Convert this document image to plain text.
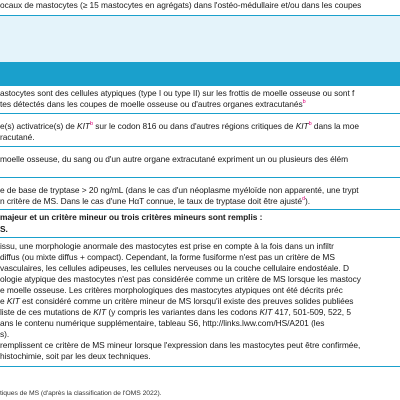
ocaux de mastocytes (≥ 15 mastocytes en agrégats) dans l'ostéo-médullaire et/ou dans les coupes
astocytes sont des cellules atypiques (type I ou type II) sur les frottis de moelle osseuse ou sont f
tes détectés dans les coupes de moelle osseuse ou d'autres organes extracutanés$^b$
e(s) activatrice(s) de KIT$^b$ sur le codon 816 ou dans d'autres régions critiques de KIT$^b$ dans la moe
racutané.
moelle osseuse, du sang ou d'un autre organe extracutané expriment un ou plusieurs des élém
e de base de tryptase > 20 ng/mL (dans le cas d'un néoplasme myéloïde non apparenté, une trypt
n critère de MS. Dans le cas d'une HαT connue, le taux de tryptase doit être ajusté$^d$).
majeur et un critère mineur ou trois critères mineurs sont remplis :
S.
issu, une morphologie anormale des mastocytes est prise en compte à la fois dans un infiltr
diffus (ou mixte diffus + compact). Cependant, la forme fusiforme n'est pas un critère de MS
vasculaires, les cellules adipeuses, les cellules nerveuses ou la couche cellulaire endostéale. D
ologie atypique des mastocytes n'est pas considérée comme un critère de MS lorsque les mastocy
e moelle osseuse. Les critères morphologiques des mastocytes atypiques ont été décrits préc
e KIT est considéré comme un critère mineur de MS lorsqu'il existe des preuves solides publiées
liste de ces mutations de KIT (y compris les variantes dans les codons KIT 417, 501-509, 522, 5
ans le contenu numérique supplémentaire, tableau S6, http://links.lww.com/HS/A201 (les
s).
remplissent ce critère de MS mineur lorsque l'expression dans les mastocytes peut être confirmée,
histochimie, soit par les deux techniques.
tiques de MS (d'après la classification de l'OMS 2022).
